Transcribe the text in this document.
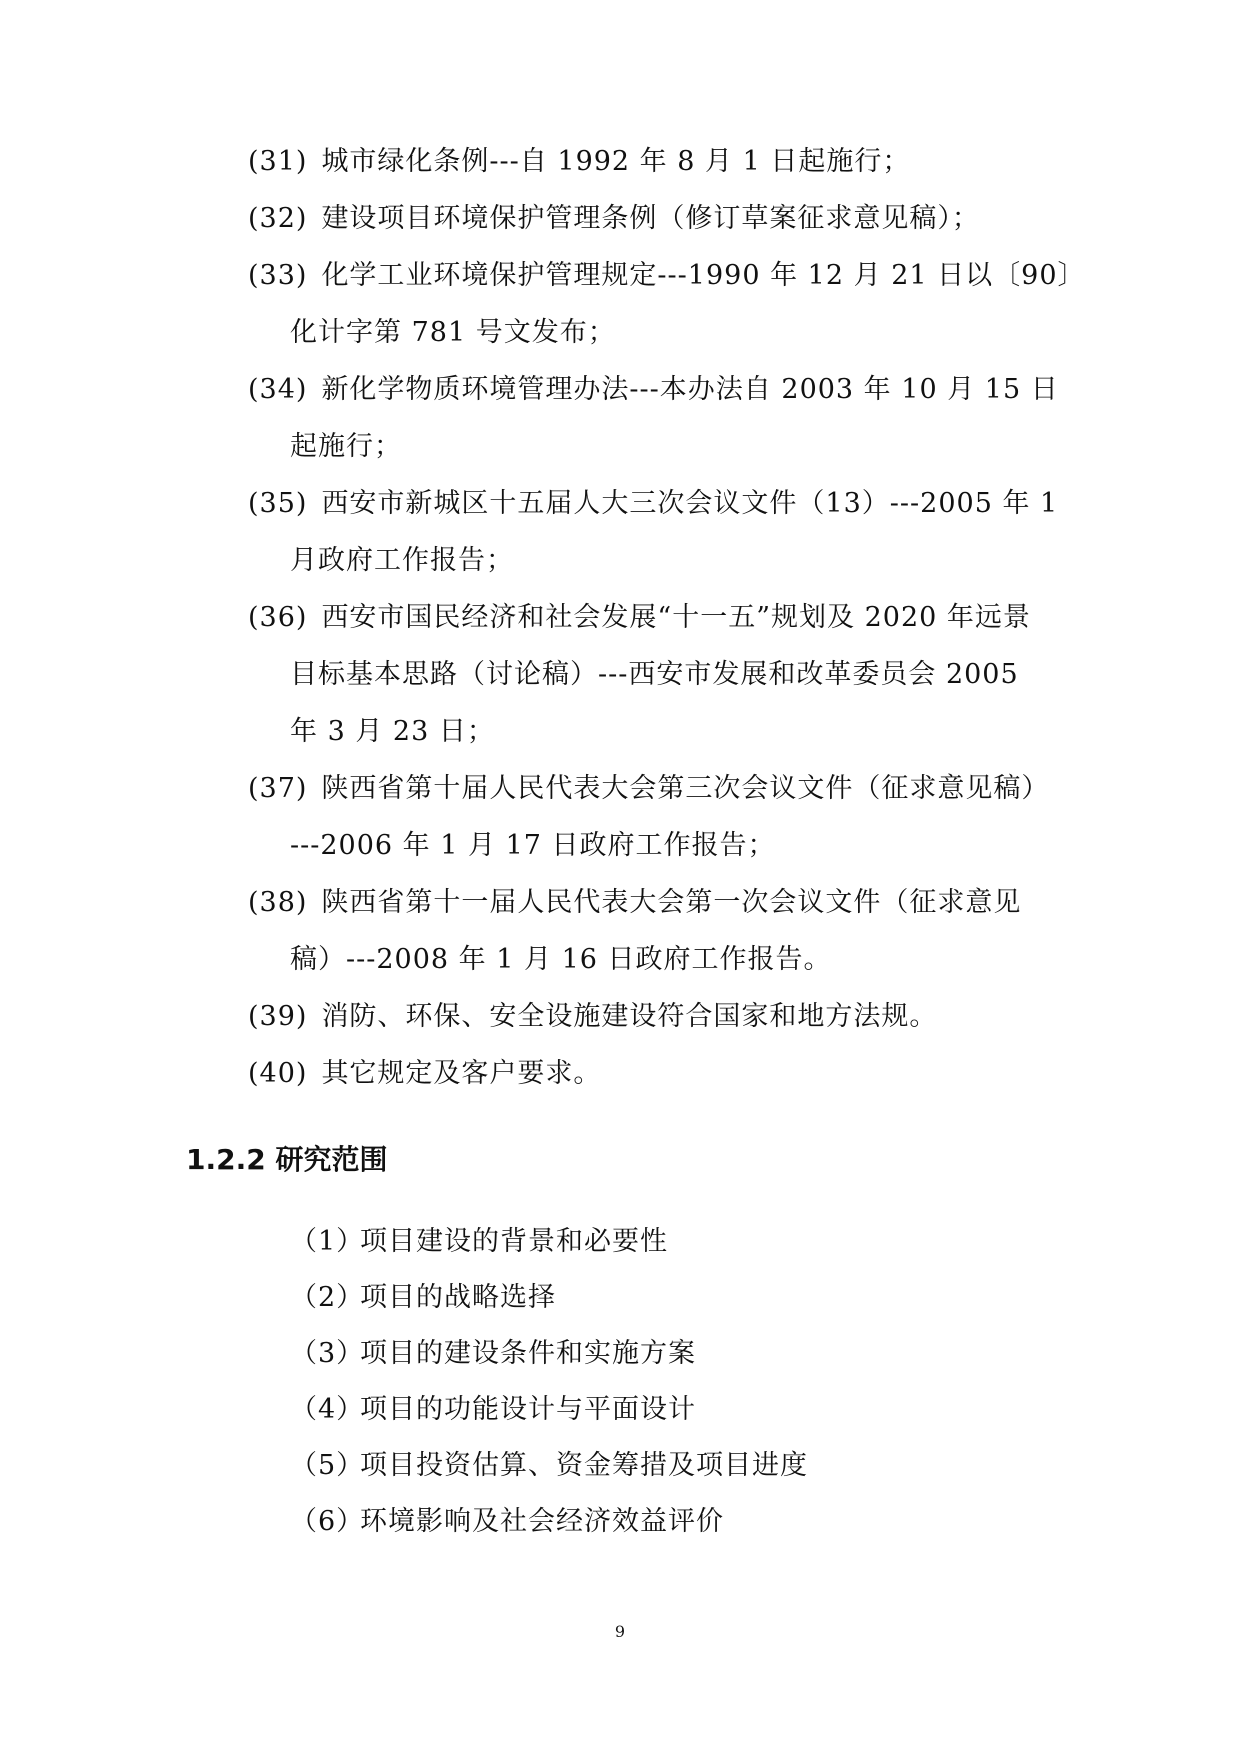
(31) 城市绿化条例---自 1992 年 8 月 1 日起施行；
(32) 建设项目环境保护管理条例（修订草案征求意见稿）；
(33) 化学工业环境保护管理规定---1990 年 12 月 21 日以〔90〕
化计字第 781 号文发布；
(34) 新化学物质环境管理办法---本办法自 2003 年 10 月 15 日
起施行；
(35) 西安市新城区十五届人大三次会议文件（13）---2005 年 1
月政府工作报告；
(36) 西安市国民经济和社会发展“十一五”规划及 2020 年远景
目标基本思路（讨论稿）---西安市发展和改革委员会 2005
年 3 月 23 日；
(37) 陕西省第十届人民代表大会第三次会议文件（征求意见稿）
---2006 年 1 月 17 日政府工作报告；
(38) 陕西省第十一届人民代表大会第一次会议文件（征求意见
稿）---2008 年 1 月 16 日政府工作报告。
(39) 消防、环保、安全设施建设符合国家和地方法规。
(40) 其它规定及客户要求。
1.2.2 研究范围
（1）项目建设的背景和必要性
（2）项目的战略选择
（3）项目的建设条件和实施方案
（4）项目的功能设计与平面设计
（5）项目投资估算、资金筹措及项目进度
（6）环境影响及社会经济效益评价
9
